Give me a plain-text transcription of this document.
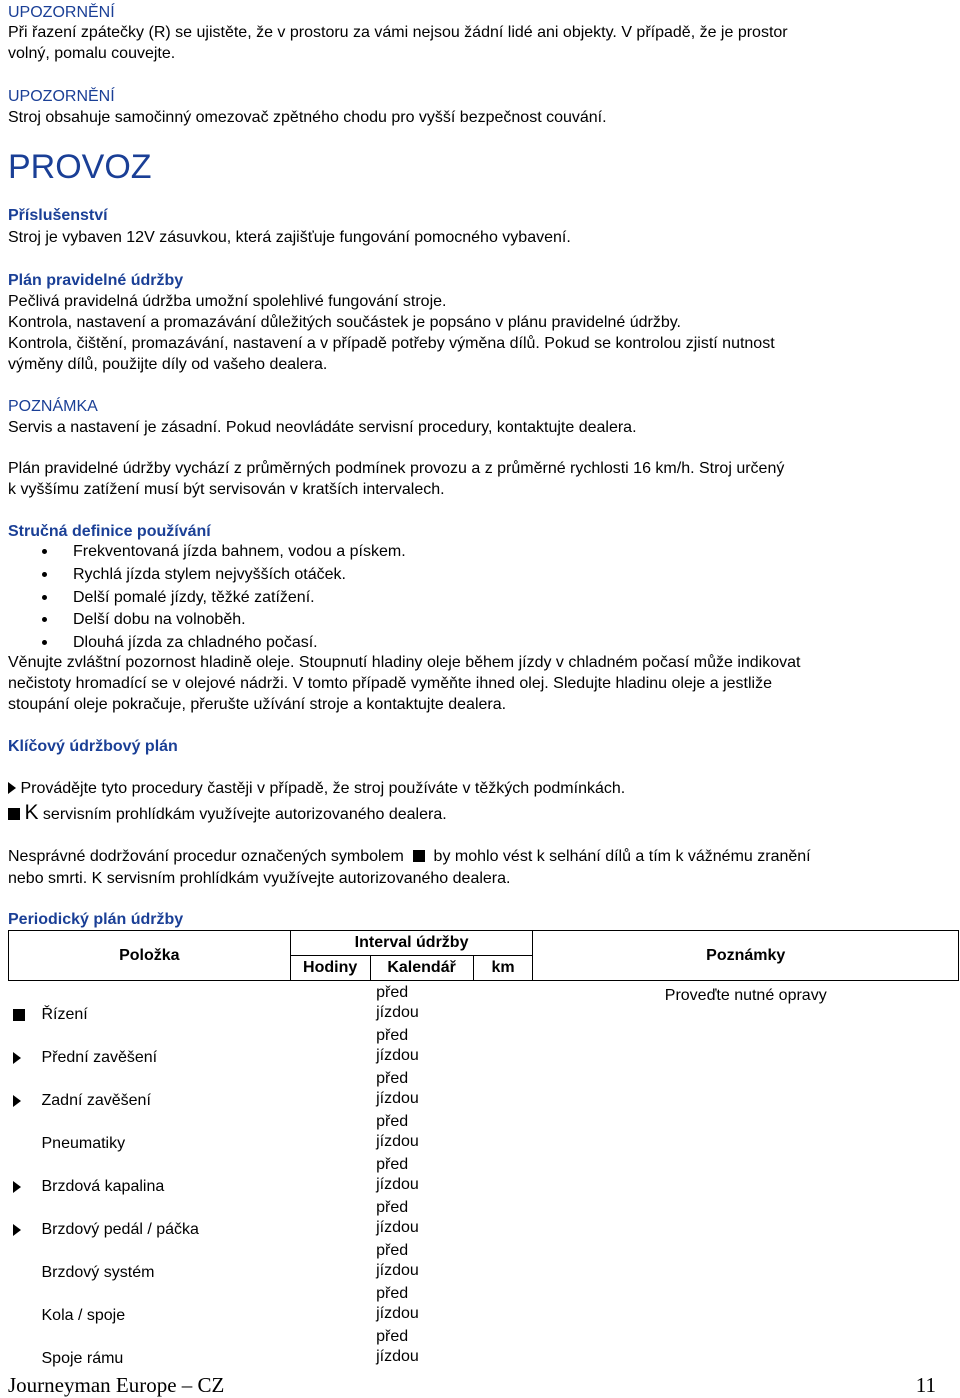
UPOZORNĚNÍ
Při řazení zpátečky (R) se ujistěte, že v prostoru za vámi nejsou žádní lidé ani objekty. V případě, že je prostor
volný, pomalu couvejte.
UPOZORNĚNÍ
Stroj obsahuje samočinný omezovač zpětného chodu pro vyšší bezpečnost couvání.
PROVOZ
Příslušenství
Stroj je vybaven 12V zásuvkou, která zajišťuje fungování pomocného vybavení.
Plán pravidelné údržby
Pečlivá pravidelná údržba umožní spolehlivé fungování stroje.
Kontrola, nastavení a promazávání důležitých součástek je popsáno v plánu pravidelné údržby.
Kontrola, čištění, promazávání, nastavení a v případě potřeby výměna dílů. Pokud se kontrolou zjistí nutnost
výměny dílů, použijte díly od vašeho dealera.
POZNÁMKA
Servis a nastavení je zásadní. Pokud neovládáte servisní procedury, kontaktujte dealera.
Plán pravidelné údržby vychází z průměrných podmínek provozu a z průměrné rychlosti 16 km/h. Stroj určený
k vyššímu zatížení musí být servisován v kratších intervalech.
Stručná definice používání
Frekventovaná jízda bahnem, vodou a pískem.
Rychlá jízda stylem nejvyšších otáček.
Delší pomalé jízdy, těžké zatížení.
Delší dobu na volnoběh.
Dlouhá jízda za chladného počasí.
Věnujte zvláštní pozornost hladině oleje. Stoupnutí hladiny oleje během jízdy v chladném počasí může indikovat
nečistoty hromadící se v olejové nádrži. V tomto případě vyměňte ihned olej. Sledujte hladinu oleje a jestliže
stoupání oleje pokračuje, přerušte užívání stroje a kontaktujte dealera.
Klíčový údržbový plán
Provádějte tyto procedury častěji v případě, že stroj používáte v těžkých podmínkách.
K servisním prohlídkám využívejte autorizovaného dealera.
Nesprávné dodržování procedur označených symbolem by mohlo vést k selhání dílů a tím k vážnému zranění
nebo smrti. K servisním prohlídkám využívejte autorizovaného dealera.
Periodický plán údržby
Položka	Interval údržby			Poznámky
	Hodiny	Kalendář	km	

Řízení		před
jízdou		Proveďte nutné opravy

Přední zavěšení		před
jízdou		

Zadní zavěšení		před
jízdou		

Pneumatiky		před
jízdou		

Brzdová kapalina		před
jízdou		

Brzdový pedál / páčka		před
jízdou		

Brzdový systém		před
jízdou		

Kola / spoje		před
jízdou		

Spoje rámu		před
jízdou		

Journeyman Europe – CZ	11
